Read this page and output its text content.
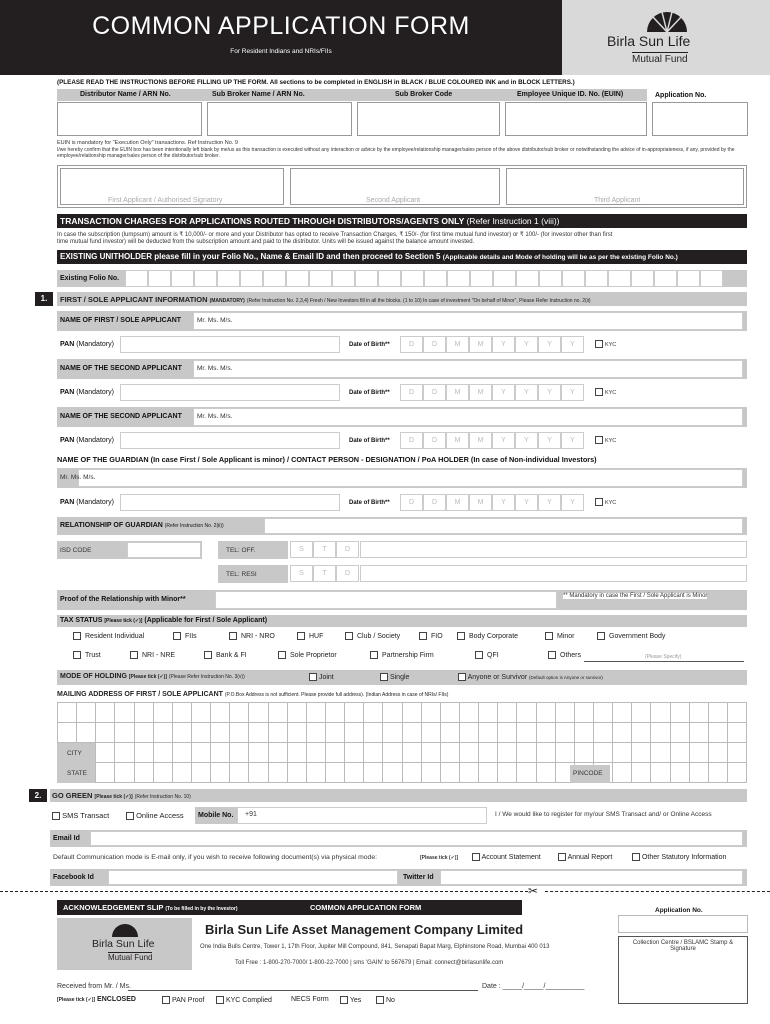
COMMON APPLICATION FORM
For Resident Indians and NRIs/FIIs
Birla Sun Life
Mutual Fund
(PLEASE READ THE INSTRUCTIONS BEFORE FILLING UP THE FORM. All sections to be completed in ENGLISH in BLACK / BLUE COLOURED INK and in BLOCK LETTERS.)
Distributor Name / ARN No.	Sub Broker Name / ARN No.	Sub Broker Code	Employee Unique ID. No. (EUIN)	Application No.
EUIN is mandatory for "Execution Only" transactions. Ref Instruction No. 9
I/we hereby confirm that the EUIN box has been intentionally left blank by me/us as this transaction is executed without any interaction or advice by the employee/relationship manager/sales person of the above distributor/sub broker or notwithstanding the advice of in-appropriateness, if any, provided by the employee/relationship manager/sales person of the distributor/sub broker.
First Applicant / Authorised Signatory	Second Applicant	Third Applicant
TRANSACTION CHARGES FOR APPLICATIONS ROUTED THROUGH DISTRIBUTORS/AGENTS ONLY (Refer Instruction 1 (viii))
In case the subscription (lumpsum) amount is ₹ 10,000/- or more and your Distributor has opted to receive Transaction Charges, ₹ 150/- (for first time mutual fund investor) or ₹ 100/- (for investor other than first
time mutual fund investor) will be deducted from the subscription amount and paid to the distributor. Units will be issued against the balance amount invested.
EXISTING UNITHOLDER please fill in your Folio No., Name & Email ID and then proceed to Section 5 (Applicable details and Mode of holding will be as per the existing Folio No.)
Existing Folio No.
1.	FIRST / SOLE APPLICANT INFORMATION (MANDATORY) (Refer Instruction No. 2,3,4) Fresh / New Investors fill in all the blocks. (1 to 10) In case of investment "On behalf of Minor", Please Refer Instruction no. 2(ii)
NAME OF FIRST / SOLE APPLICANT Mr. Ms. M/s.
PAN (Mandatory)	Date of Birth**	D	D	M	M	Y	Y	Y	Y	KYC
NAME OF THE SECOND APPLICANT Mr. Ms. M/s.
PAN (Mandatory)	Date of Birth**	D	D	M	M	Y	Y	Y	Y	KYC
NAME OF THE SECOND APPLICANT Mr. Ms. M/s.
PAN (Mandatory)	Date of Birth**	D	D	M	M	Y	Y	Y	Y	KYC
NAME OF THE GUARDIAN (In case First / Sole Applicant is minor) / CONTACT PERSON - DESIGNATION / PoA HOLDER (In case of Non-individual Investors)
Mr. Ms. M/s.
PAN (Mandatory)	Date of Birth**	D	D	M	M	Y	Y	Y	Y	KYC
RELATIONSHIP OF GUARDIAN (Refer Instruction No. 2(ii))
ISD CODE	TEL: OFF.	S	T	D
TEL: RESI	S	T	D
Proof of the Relationship with Minor**	** Mandatory in case the First / Sole Applicant is Minor
TAX STATUS [Please tick (✓)] (Applicable for First / Sole Applicant)
Resident Individual	FIIs	NRI - NRO	HUF	Club / Society	FIO	Body Corporate	Minor	Government Body
Trust	NRI - NRE	Bank & FI	Sole Proprietor	Partnership Firm	QFI	Others	(Please Specify)
MODE OF HOLDING [Please tick (✓)] (Please Refer Instruction No. 3(v))	Joint	Single	Anyone or Survivor (Default option is Anyone or survivor)
MAILING ADDRESS OF FIRST / SOLE APPLICANT (P.O.Box Address is not sufficient. Please provide full address). (Indian Address in case of NRIs/ FIIs)
CITY
STATE	PINCODE
2.	GO GREEN [Please tick (✓)] (Refer Instruction No. 10)
SMS Transact	Online Access Mobile No. +91	I / We would like to register for my/our SMS Transact and/ or Online Access
Email Id
Default Communication mode is E-mail only, if you wish to receive following document(s) via physical mode:	[Please tick (✓)]	Account Statement	Annual Report	Other Statutory Information
Facebook Id	Twitter Id
✂
ACKNOWLEDGEMENT SLIP (To be filled in by the Investor)	COMMON APPLICATION FORM	Application No.
Birla Sun Life
Mutual Fund
Birla Sun Life Asset Management Company Limited
One India Bulls Centre, Tower 1, 17th Floor, Jupiter Mill Compound, 841, Senapati Bapat Marg, Elphinstone Road, Mumbai 400 013
Toll Free : 1-800-270-7000/ 1-800-22-7000 | sms 'GAIN' to 567679 | Email: connect@birlasunlife.com
Collection Centre / BSLAMC Stamp & Signature
Received from Mr. / Ms.	Date : _____/_____/__________
[Please tick (✓)] ENCLOSED	PAN Proof	KYC Complied	NECS Form	Yes	No
